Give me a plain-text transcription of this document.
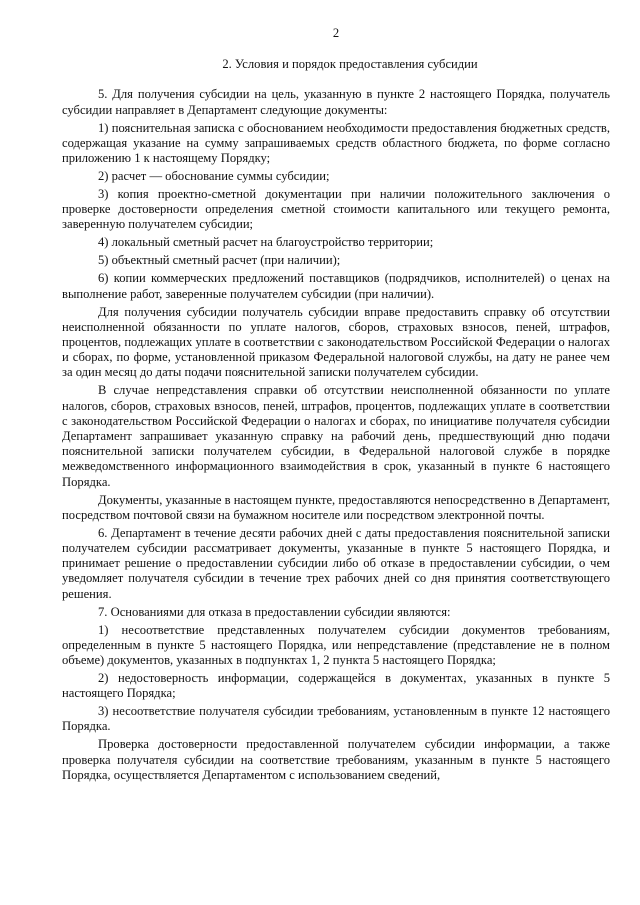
2
2. Условия и порядок предоставления субсидии

5. Для получения субсидии на цель, указанную в пункте 2 настоящего Порядка, получатель субсидии направляет в Департамент следующие документы:

1) пояснительная записка с обоснованием необходимости предоставления бюджетных средств, содержащая указание на сумму запрашиваемых средств областного бюджета, по форме согласно приложению 1 к настоящему Порядку;

2) расчет — обоснование суммы субсидии;

3) копия проектно-сметной документации при наличии положительного заключения о проверке достоверности определения сметной стоимости капитального или текущего ремонта, заверенную получателем субсидии;

4) локальный сметный расчет на благоустройство территории;

5) объектный сметный расчет (при наличии);

6) копии коммерческих предложений поставщиков (подрядчиков, исполнителей) о ценах на выполнение работ, заверенные получателем субсидии (при наличии).

Для получения субсидии получатель субсидии вправе предоставить справку об отсутствии неисполненной обязанности по уплате налогов, сборов, страховых взносов, пеней, штрафов, процентов, подлежащих уплате в соответствии с законодательством Российской Федерации о налогах и сборах, по форме, установленной приказом Федеральной налоговой службы, на дату не ранее чем за один месяц до даты подачи пояснительной записки получателем субсидии.

В случае непредставления справки об отсутствии неисполненной обязанности по уплате налогов, сборов, страховых взносов, пеней, штрафов, процентов, подлежащих уплате в соответствии с законодательством Российской Федерации о налогах и сборах, по инициативе получателя субсидии Департамент запрашивает указанную справку на рабочий день, предшествующий дню подачи пояснительной записки получателем субсидии, в Федеральной налоговой службе в порядке межведомственного информационного взаимодействия в срок, указанный в пункте 6 настоящего Порядка.

Документы, указанные в настоящем пункте, предоставляются непосредственно в Департамент, посредством почтовой связи на бумажном носителе или посредством электронной почты.

6. Департамент в течение десяти рабочих дней с даты предоставления пояснительной записки получателем субсидии рассматривает документы, указанные в пункте 5 настоящего Порядка, и принимает решение о предоставлении субсидии либо об отказе в предоставлении субсидии, о чем уведомляет получателя субсидии в течение трех рабочих дней со дня принятия соответствующего решения.

7. Основаниями для отказа в предоставлении субсидии являются:

1) несоответствие представленных получателем субсидии документов требованиям, определенным в пункте 5 настоящего Порядка, или непредставление (представление не в полном объеме) документов, указанных в подпунктах 1, 2 пункта 5 настоящего Порядка;

2) недостоверность информации, содержащейся в документах, указанных в пункте 5 настоящего Порядка;

3) несоответствие получателя субсидии требованиям, установленным в пункте 12 настоящего Порядка.

Проверка достоверности предоставленной получателем субсидии информации, а также проверка получателя субсидии на соответствие требованиям, указанным в пункте 5 настоящего Порядка, осуществляется Департаментом с использованием сведений,
